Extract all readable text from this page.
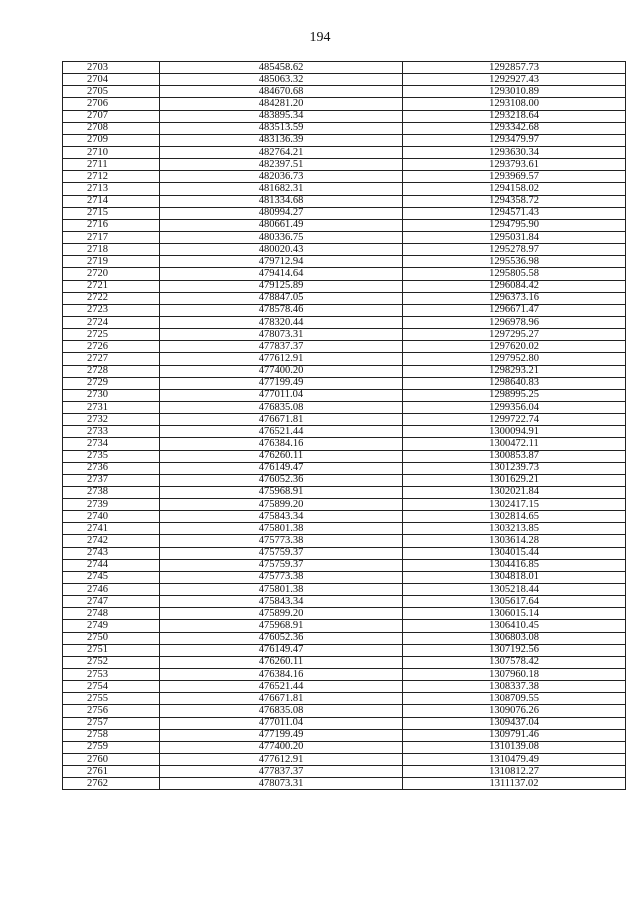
194
2703	485458.62	1292857.73
2704	485063.32	1292927.43
2705	484670.68	1293010.89
2706	484281.20	1293108.00
2707	483895.34	1293218.64
2708	483513.59	1293342.68
2709	483136.39	1293479.97
2710	482764.21	1293630.34
2711	482397.51	1293793.61
2712	482036.73	1293969.57
2713	481682.31	1294158.02
2714	481334.68	1294358.72
2715	480994.27	1294571.43
2716	480661.49	1294795.90
2717	480336.75	1295031.84
2718	480020.43	1295278.97
2719	479712.94	1295536.98
2720	479414.64	1295805.58
2721	479125.89	1296084.42
2722	478847.05	1296373.16
2723	478578.46	1296671.47
2724	478320.44	1296978.96
2725	478073.31	1297295.27
2726	477837.37	1297620.02
2727	477612.91	1297952.80
2728	477400.20	1298293.21
2729	477199.49	1298640.83
2730	477011.04	1298995.25
2731	476835.08	1299356.04
2732	476671.81	1299722.74
2733	476521.44	1300094.91
2734	476384.16	1300472.11
2735	476260.11	1300853.87
2736	476149.47	1301239.73
2737	476052.36	1301629.21
2738	475968.91	1302021.84
2739	475899.20	1302417.15
2740	475843.34	1302814.65
2741	475801.38	1303213.85
2742	475773.38	1303614.28
2743	475759.37	1304015.44
2744	475759.37	1304416.85
2745	475773.38	1304818.01
2746	475801.38	1305218.44
2747	475843.34	1305617.64
2748	475899.20	1306015.14
2749	475968.91	1306410.45
2750	476052.36	1306803.08
2751	476149.47	1307192.56
2752	476260.11	1307578.42
2753	476384.16	1307960.18
2754	476521.44	1308337.38
2755	476671.81	1308709.55
2756	476835.08	1309076.26
2757	477011.04	1309437.04
2758	477199.49	1309791.46
2759	477400.20	1310139.08
2760	477612.91	1310479.49
2761	477837.37	1310812.27
2762	478073.31	1311137.02
